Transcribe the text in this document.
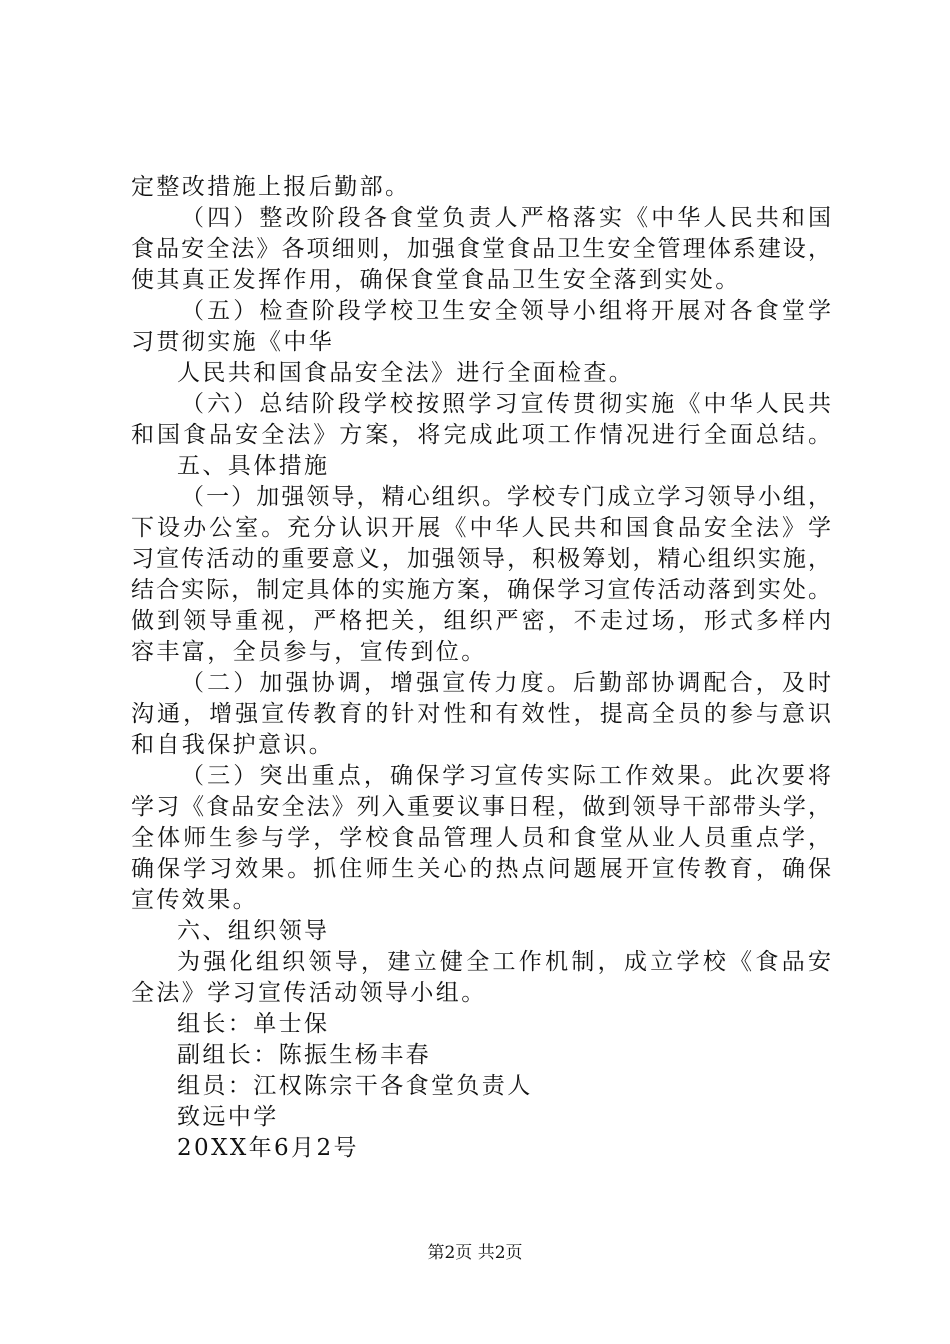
定整改措施上报后勤部。
（四）整改阶段各食堂负责人严格落实《中华人民共和国
食品安全法》各项细则，加强食堂食品卫生安全管理体系建设，
使其真正发挥作用，确保食堂食品卫生安全落到实处。
（五）检查阶段学校卫生安全领导小组将开展对各食堂学
习贯彻实施《中华
人民共和国食品安全法》进行全面检查。
（六）总结阶段学校按照学习宣传贯彻实施《中华人民共
和国食品安全法》方案，将完成此项工作情况进行全面总结。
五、具体措施
（一）加强领导，精心组织。学校专门成立学习领导小组，
下设办公室。充分认识开展《中华人民共和国食品安全法》学
习宣传活动的重要意义，加强领导，积极筹划，精心组织实施，
结合实际，制定具体的实施方案，确保学习宣传活动落到实处。
做到领导重视，严格把关，组织严密，不走过场，形式多样内
容丰富，全员参与，宣传到位。
（二）加强协调，增强宣传力度。后勤部协调配合，及时
沟通，增强宣传教育的针对性和有效性，提高全员的参与意识
和自我保护意识。
（三）突出重点，确保学习宣传实际工作效果。此次要将
学习《食品安全法》列入重要议事日程，做到领导干部带头学，
全体师生参与学，学校食品管理人员和食堂从业人员重点学，
确保学习效果。抓住师生关心的热点问题展开宣传教育，确保
宣传效果。
六、组织领导
为强化组织领导，建立健全工作机制，成立学校《食品安
全法》学习宣传活动领导小组。
组长：单士保
副组长：陈振生杨丰春
组员：江权陈宗干各食堂负责人
致远中学
20XX年6月2号
第2页 共2页
